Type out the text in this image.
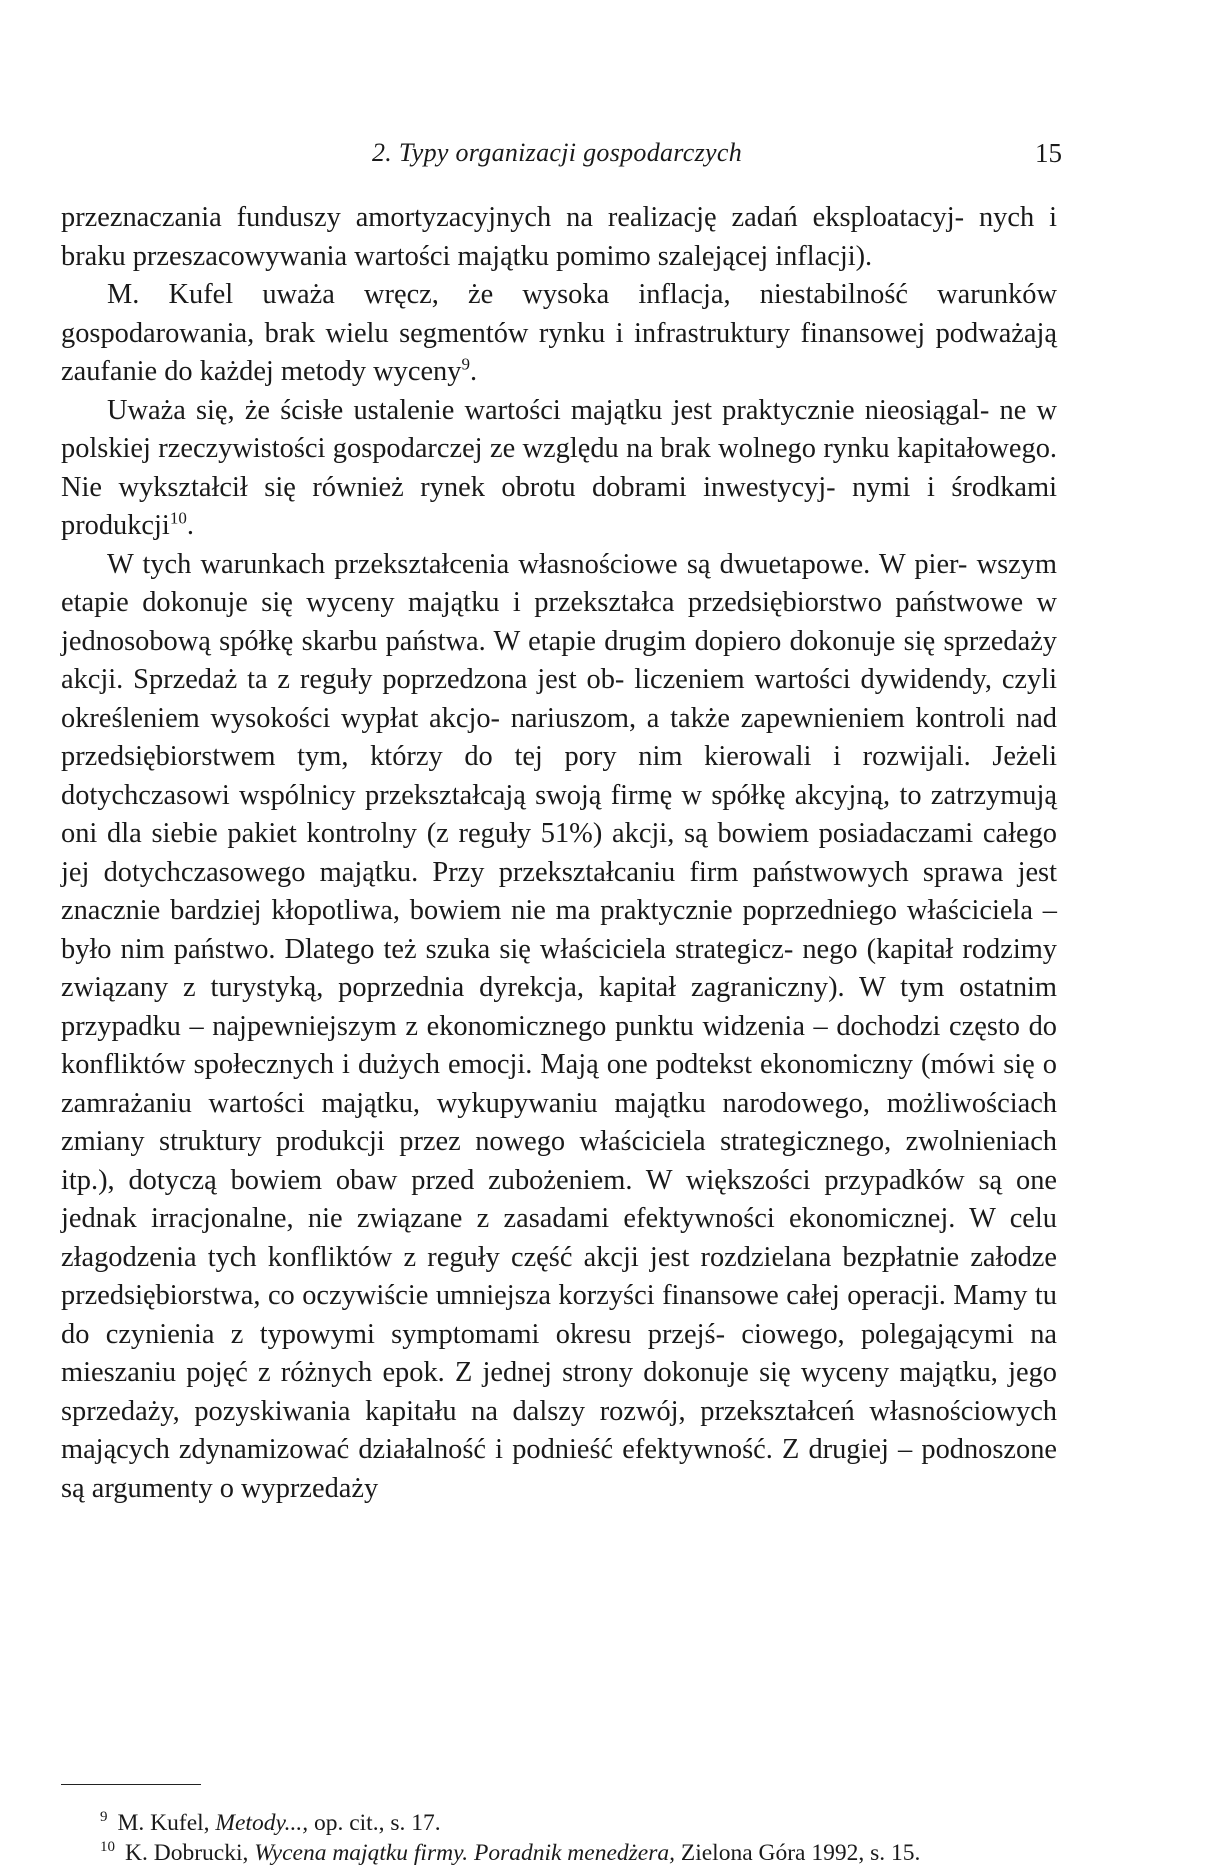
2. Typy organizacji gospodarczych	15

przeznaczania funduszy amortyzacyjnych na realizację zadań eksploatacyj- nych i braku przeszacowywania wartości majątku pomimo szalejącej inflacji).

M. Kufel uważa wręcz, że wysoka inflacja, niestabilność warunków gospodarowania, brak wielu segmentów rynku i infrastruktury finansowej podważają zaufanie do każdej metody wyceny$^9$.

Uważa się, że ścisłe ustalenie wartości majątku jest praktycznie nieosiągal- ne w polskiej rzeczywistości gospodarczej ze względu na brak wolnego rynku kapitałowego. Nie wykształcił się również rynek obrotu dobrami inwestycyj- nymi i środkami produkcji$^{10}$.

W tych warunkach przekształcenia własnościowe są dwuetapowe. W pier- wszym etapie dokonuje się wyceny majątku i przekształca przedsiębiorstwo państwowe w jednosobową spółkę skarbu państwa. W etapie drugim dopiero dokonuje się sprzedaży akcji. Sprzedaż ta z reguły poprzedzona jest ob- liczeniem wartości dywidendy, czyli określeniem wysokości wypłat akcjo- nariuszom, a także zapewnieniem kontroli nad przedsiębiorstwem tym, którzy do tej pory nim kierowali i rozwijali. Jeżeli dotychczasowi wspólnicy przekształcają swoją firmę w spółkę akcyjną, to zatrzymują oni dla siebie pakiet kontrolny (z reguły 51%) akcji, są bowiem posiadaczami całego jej dotychczasowego majątku. Przy przekształcaniu firm państwowych sprawa jest znacznie bardziej kłopotliwa, bowiem nie ma praktycznie poprzedniego właściciela – było nim państwo. Dlatego też szuka się właściciela strategicz- nego (kapitał rodzimy związany z turystyką, poprzednia dyrekcja, kapitał zagraniczny). W tym ostatnim przypadku – najpewniejszym z ekonomicznego punktu widzenia – dochodzi często do konfliktów społecznych i dużych emocji. Mają one podtekst ekonomiczny (mówi się o zamrażaniu wartości majątku, wykupywaniu majątku narodowego, możliwościach zmiany struktury produkcji przez nowego właściciela strategicznego, zwolnieniach itp.), dotyczą bowiem obaw przed zubożeniem. W większości przypadków są one jednak irracjonalne, nie związane z zasadami efektywności ekonomicznej. W celu złagodzenia tych konfliktów z reguły część akcji jest rozdzielana bezpłatnie załodze przedsiębiorstwa, co oczywiście umniejsza korzyści finansowe całej operacji. Mamy tu do czynienia z typowymi symptomami okresu przejś- ciowego, polegającymi na mieszaniu pojęć z różnych epok. Z jednej strony dokonuje się wyceny majątku, jego sprzedaży, pozyskiwania kapitału na dalszy rozwój, przekształceń własnościowych mających zdynamizować działalność i podnieść efektywność. Z drugiej – podnoszone są argumenty o wyprzedaży

$^9$ M. Kufel, Metody..., op. cit., s. 17.
$^{10}$ K. Dobrucki, Wycena majątku firmy. Poradnik menedżera, Zielona Góra 1992, s. 15.
